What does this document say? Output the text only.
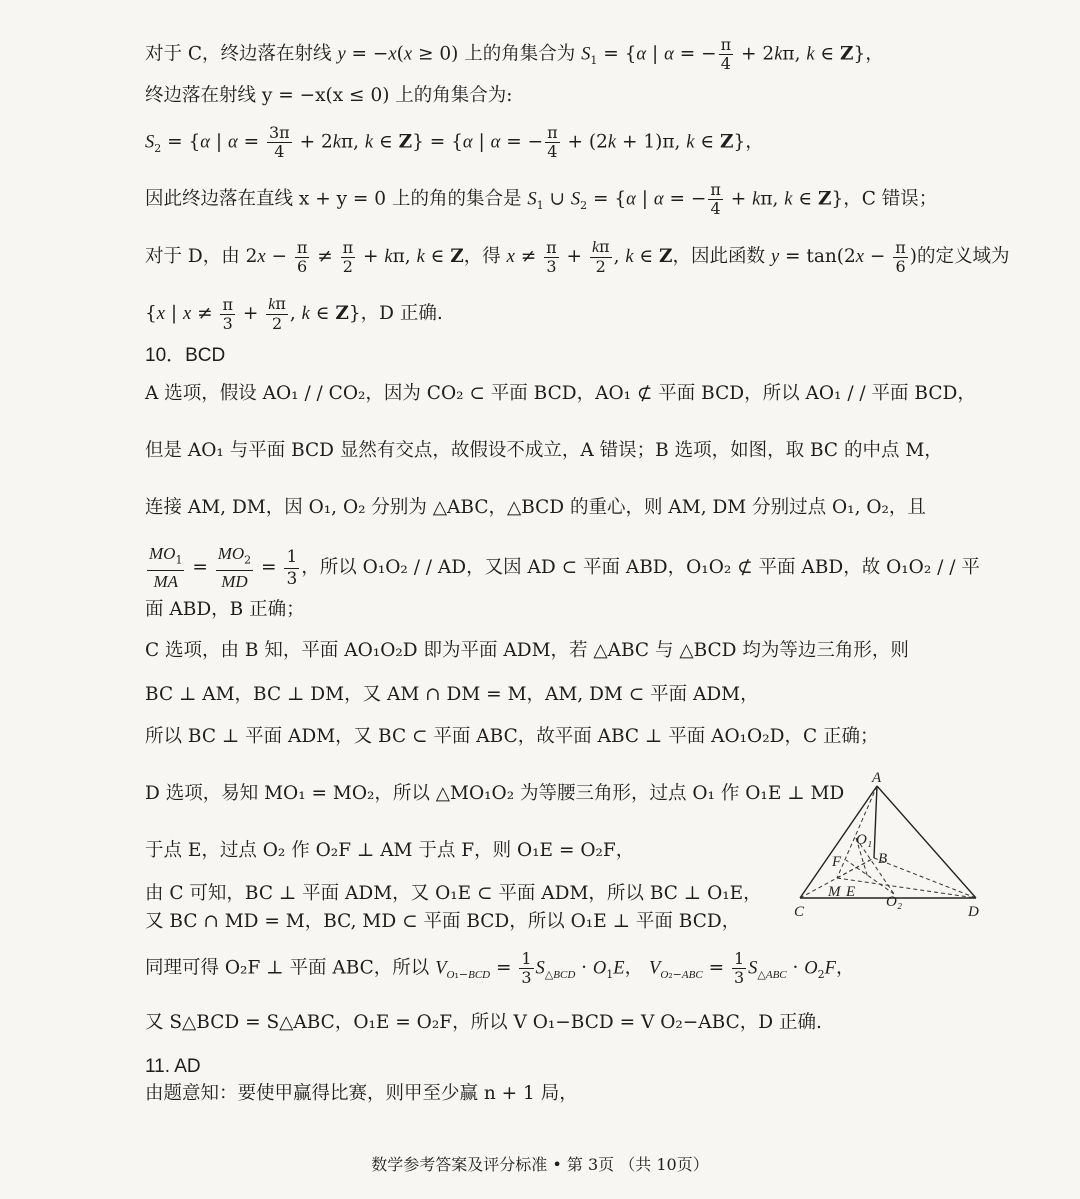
对于 C，终边落在射线 y = −x(x ≥ 0) 上的角集合为 $S_1 = \{\alpha$ | α = − $\frac{\pi}{4} + 2k\pi$, k ∈ Z}，
终边落在射线 y = −x(x ≤ 0) 上的角集合为:
$S_2 = \{\alpha$ | $\alpha = \frac{3\pi}{4} + 2k\pi$, k ∈ Z} = {α | α = − $\frac{\pi}{4} + (2k + 1)\pi$, k ∈ Z}，
因此终边落在直线 x + y = 0 上的角的集合是 $S_1$ ∪ $S_2 = \{\alpha$ | α = − $\frac{\pi}{4} + k\pi$, k ∈ Z}，C 错误；
对于 D，由 $2x - \frac{\pi}{6} \ne \frac{\pi}{2} + k\pi$, k ∈ Z，得 $x \ne \frac{\pi}{3} + \frac{k\pi}{2}$ , k ∈ Z，因此函数 $y = \tan(2x - \frac{\pi}{6}$ )的定义域为
{x | $x \ne \frac{\pi}{3} + \frac{k\pi}{2}$ , k ∈ Z}，D 正确.
10．BCD
A 选项，假设 AO₁ / / CO₂，因为 CO₂ ⊂ 平面 BCD，AO₁ ⊄ 平面 BCD，所以 AO₁ / / 平面 BCD，
但是 AO₁ 与平面 BCD 显然有交点，故假设不成立，A 错误；B 选项，如图，取 BC 的中点 M，
连接 AM, DM，因 O₁, O₂ 分别为 △ABC，△BCD 的重心，则 AM, DM 分别过点 O₁, O₂，且
$\frac{MO_1}{MA} = \frac{MO_2}{MD} = \frac{1}{3}$ ，所以 O₁O₂ / / AD，又因 AD ⊂ 平面 ABD，O₁O₂ ⊄ 平面 ABD，故 O₁O₂ / / 平
面 ABD，B 正确；
C 选项，由 B 知，平面 AO₁O₂D 即为平面 ADM，若 △ABC 与 △BCD 均为等边三角形，则
BC ⊥ AM，BC ⊥ DM，又 AM ∩ DM = M，AM, DM ⊂ 平面 ADM，
所以 BC ⊥ 平面 ADM，又 BC ⊂ 平面 ABC，故平面 ABC ⊥ 平面 AO₁O₂D，C 正确；
D 选项，易知 MO₁ = MO₂，所以 △MO₁O₂ 为等腰三角形，过点 O₁ 作 O₁E ⊥ MD
于点 E，过点 O₂ 作 O₂F ⊥ AM 于点 F，则 O₁E = O₂F，
由 C 可知，BC ⊥ 平面 ADM，又 O₁E ⊂ 平面 ADM，所以 BC ⊥ O₁E，
又 BC ∩ MD = M，BC, MD ⊂ 平面 BCD，所以 O₁E ⊥ 平面 BCD，
同理可得 O₂F ⊥ 平面 ABC，所以 $V_{O_1-BCD} = \frac{1}{3} S_{\triangle BCD} \cdot O_1E$， $V_{O_2-ABC} = \frac{1}{3} S_{\triangle ABC} \cdot O_2F$，
又 S△BCD = S△ABC，O₁E = O₂F，所以 V O₁−BCD = V O₂−ABC，D 正确.
11. AD
由题意知：要使甲赢得比赛，则甲至少赢 n + 1 局，
A
O₁
F B
M E
O₂
C	D
数学参考答案及评分标准 • 第 3页 （共 10页）
